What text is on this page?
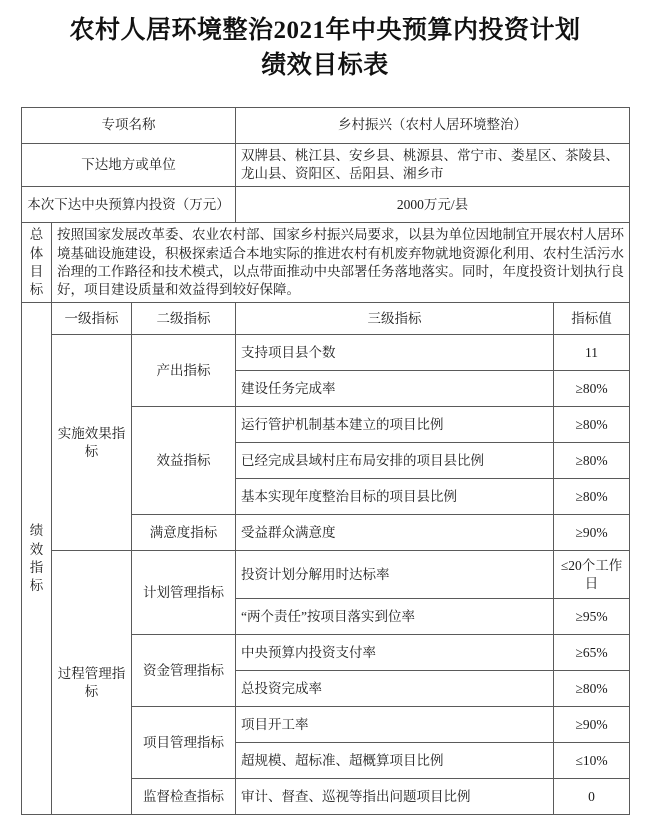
农村人居环境整治2021年中央预算内投资计划绩效目标表
专项名称			乡村振兴（农村人居环境整治）	
下达地方或单位			双牌县、桃江县、安乡县、桃源县、常宁市、娄星区、茶陵县、龙山县、资阳区、岳阳县、湘乡市	
本次下达中央预算内投资（万元）			2000万元/县	
总体目标	按照国家发展改革委、农业农村部、国家乡村振兴局要求，以县为单位因地制宜开展农村人居环境基础设施建设，积极探索适合本地实际的推进农村有机废弃物就地资源化利用、农村生活污水治理的工作路径和技术模式，以点带面推动中央部署任务落地落实。同时，年度投资计划执行良好，项目建设质量和效益得到较好保障。			
绩效指标	一级指标	二级指标	三级指标	指标值
	实施效果指标	产出指标	支持项目县个数	11
			建设任务完成率	≥80%
		效益指标	运行管护机制基本建立的项目比例	≥80%
			已经完成县域村庄布局安排的项目县比例	≥80%
			基本实现年度整治目标的项目县比例	≥80%
		满意度指标	受益群众满意度	≥90%
	过程管理指标	计划管理指标	投资计划分解用时达标率	≤20个工作日
			“两个责任”按项目落实到位率	≥95%
		资金管理指标	中央预算内投资支付率	≥65%
			总投资完成率	≥80%
		项目管理指标	项目开工率	≥90%
			超规模、超标准、超概算项目比例	≤10%
		监督检查指标	审计、督查、巡视等指出问题项目比例	0
